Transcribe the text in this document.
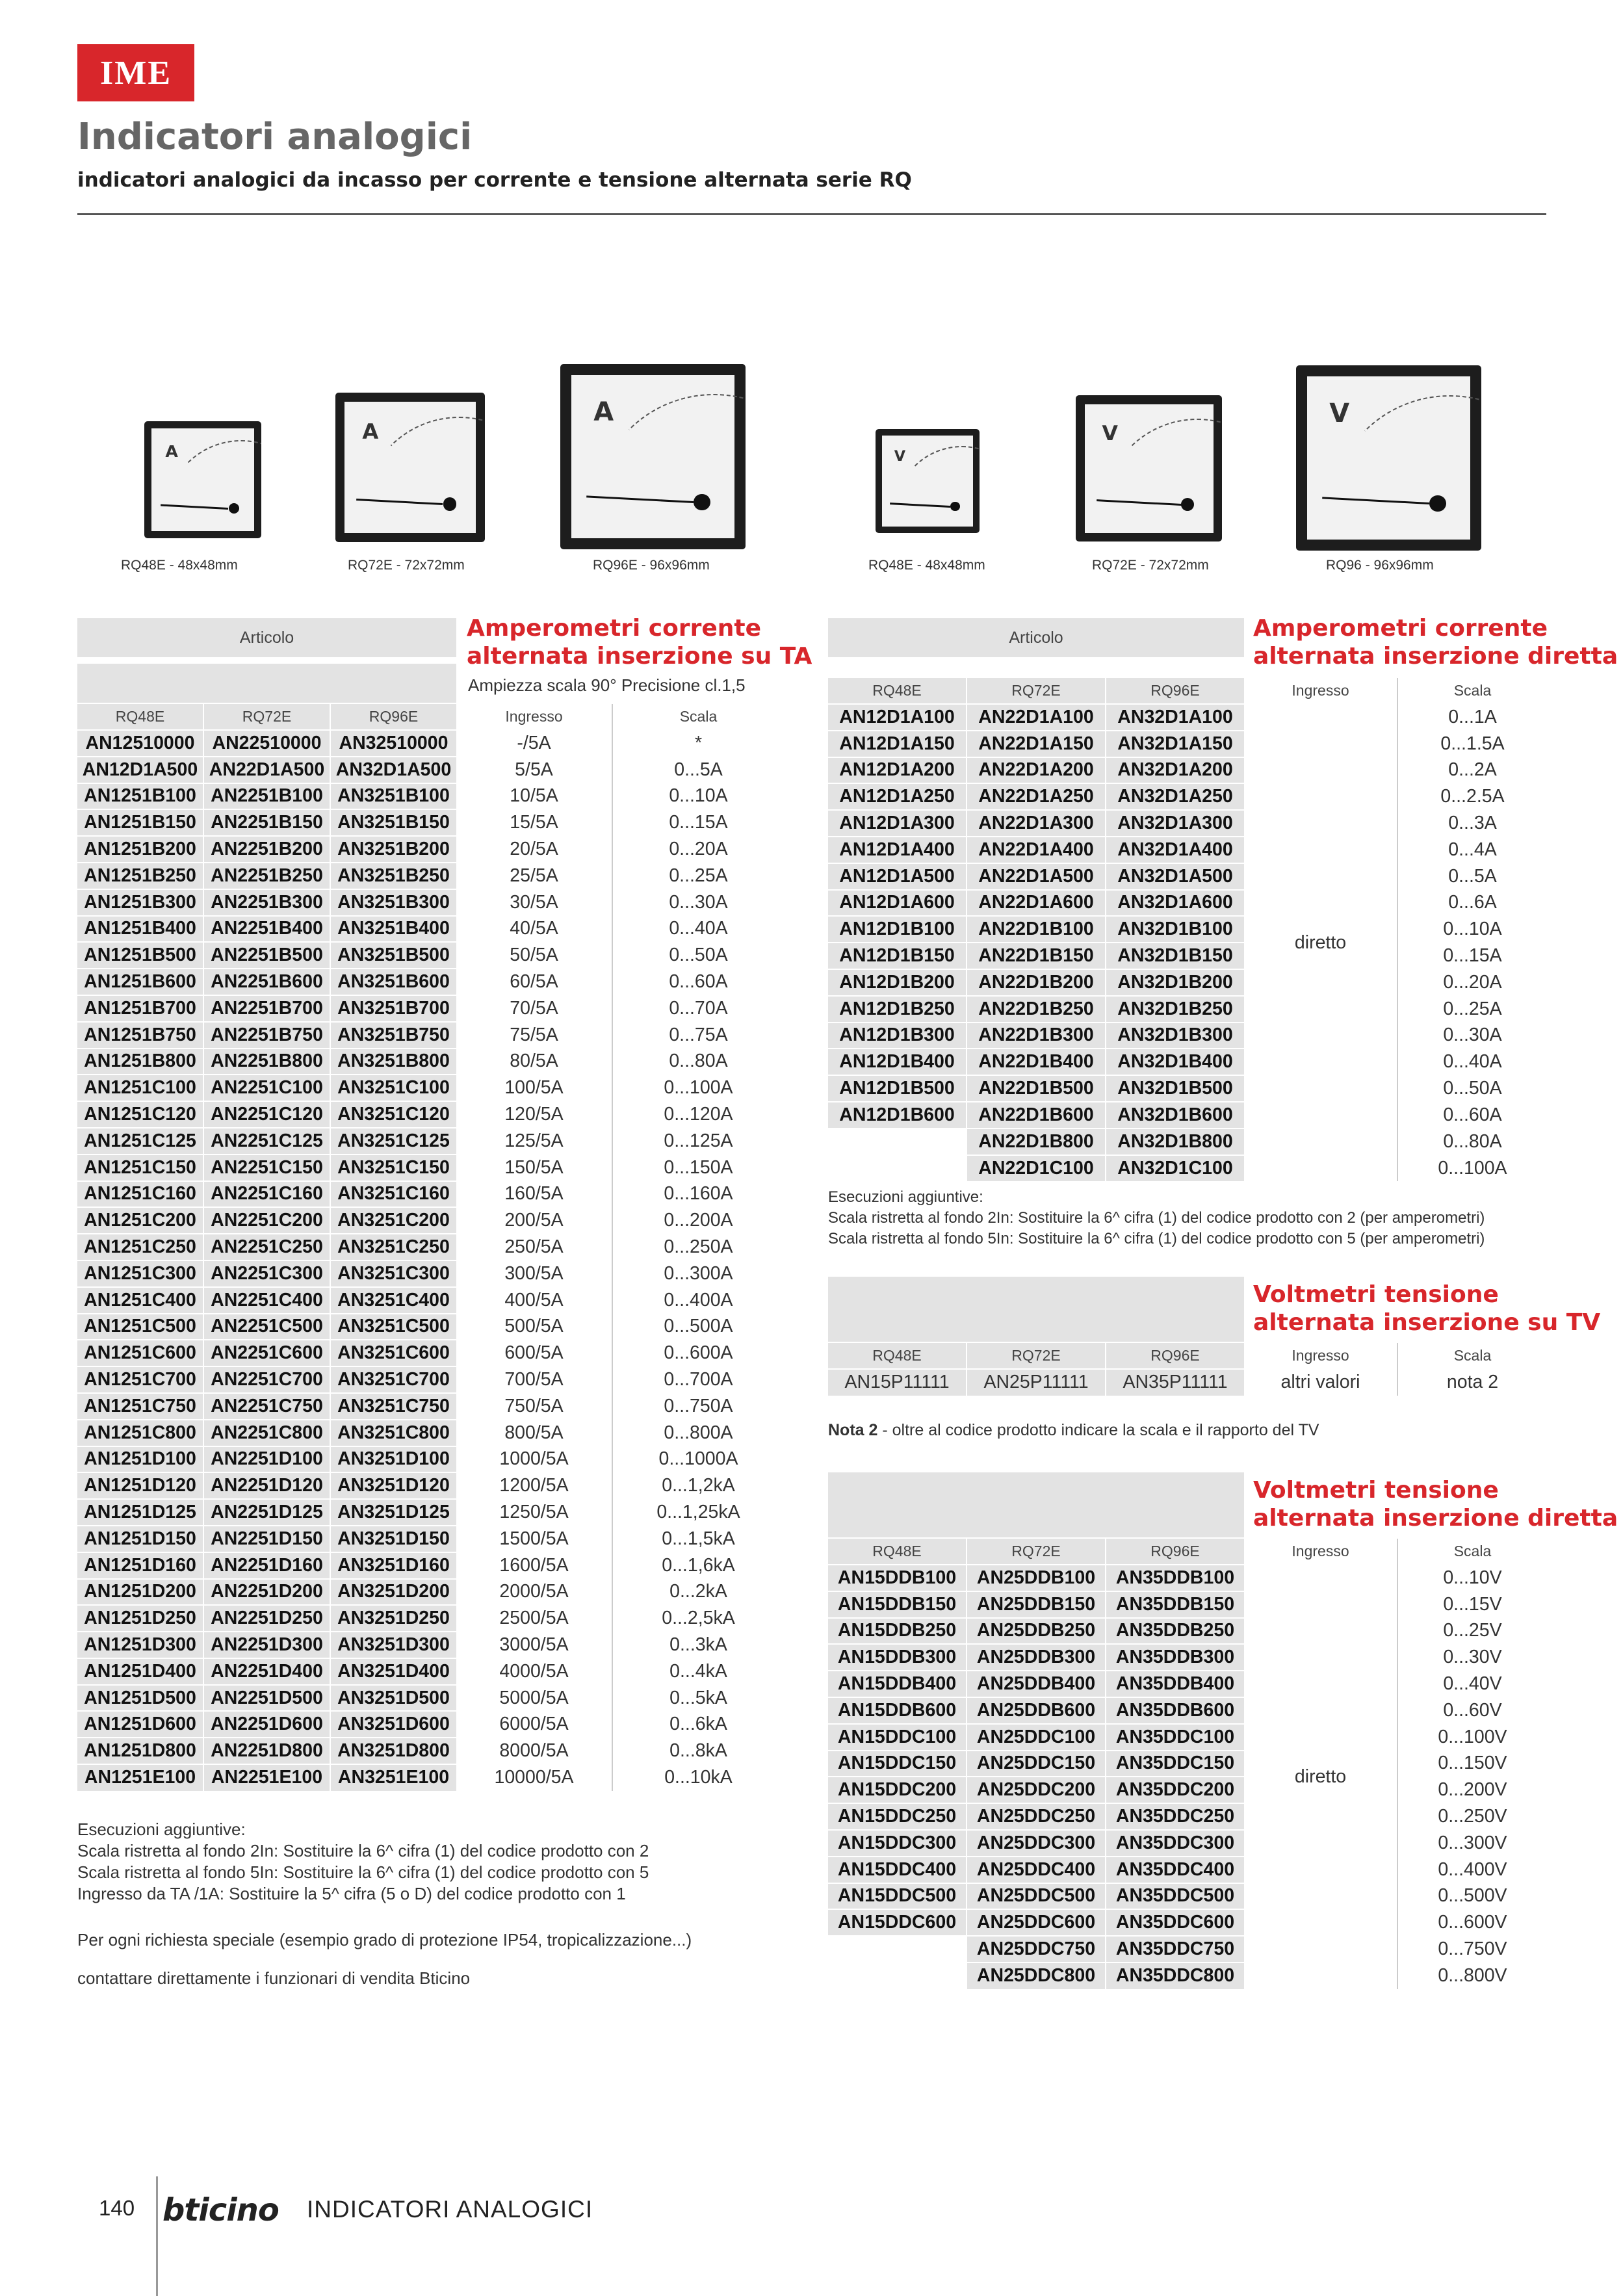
IME
Indicatori analogici
indicatori analogici da incasso per corrente e tensione alternata serie RQ
A
RQ48E - 48x48mm
A
RQ72E - 72x72mm
A
RQ96E - 96x96mm
V
RQ48E - 48x48mm
V
RQ72E - 72x72mm
V
RQ96 - 96x96mm
Articolo	Amperometri corrente
alternata inserzione su TA
Ampiezza scala 90° Precisione cl.1,5
RQ48E	RQ72E	RQ96E	Ingresso	Scala
AN12510000	AN22510000	AN32510000	-/5A	*
AN12D1A500	AN22D1A500	AN32D1A500	5/5A	0...5A
AN1251B100	AN2251B100	AN3251B100	10/5A	0...10A
AN1251B150	AN2251B150	AN3251B150	15/5A	0...15A
AN1251B200	AN2251B200	AN3251B200	20/5A	0...20A
AN1251B250	AN2251B250	AN3251B250	25/5A	0...25A
AN1251B300	AN2251B300	AN3251B300	30/5A	0...30A
AN1251B400	AN2251B400	AN3251B400	40/5A	0...40A
AN1251B500	AN2251B500	AN3251B500	50/5A	0...50A
AN1251B600	AN2251B600	AN3251B600	60/5A	0...60A
AN1251B700	AN2251B700	AN3251B700	70/5A	0...70A
AN1251B750	AN2251B750	AN3251B750	75/5A	0...75A
AN1251B800	AN2251B800	AN3251B800	80/5A	0...80A
AN1251C100	AN2251C100	AN3251C100	100/5A	0...100A
AN1251C120	AN2251C120	AN3251C120	120/5A	0...120A
AN1251C125	AN2251C125	AN3251C125	125/5A	0...125A
AN1251C150	AN2251C150	AN3251C150	150/5A	0...150A
AN1251C160	AN2251C160	AN3251C160	160/5A	0...160A
AN1251C200	AN2251C200	AN3251C200	200/5A	0...200A
AN1251C250	AN2251C250	AN3251C250	250/5A	0...250A
AN1251C300	AN2251C300	AN3251C300	300/5A	0...300A
AN1251C400	AN2251C400	AN3251C400	400/5A	0...400A
AN1251C500	AN2251C500	AN3251C500	500/5A	0...500A
AN1251C600	AN2251C600	AN3251C600	600/5A	0...600A
AN1251C700	AN2251C700	AN3251C700	700/5A	0...700A
AN1251C750	AN2251C750	AN3251C750	750/5A	0...750A
AN1251C800	AN2251C800	AN3251C800	800/5A	0...800A
AN1251D100	AN2251D100	AN3251D100	1000/5A	0...1000A
AN1251D120	AN2251D120	AN3251D120	1200/5A	0...1,2kA
AN1251D125	AN2251D125	AN3251D125	1250/5A	0...1,25kA
AN1251D150	AN2251D150	AN3251D150	1500/5A	0...1,5kA
AN1251D160	AN2251D160	AN3251D160	1600/5A	0...1,6kA
AN1251D200	AN2251D200	AN3251D200	2000/5A	0...2kA
AN1251D250	AN2251D250	AN3251D250	2500/5A	0...2,5kA
AN1251D300	AN2251D300	AN3251D300	3000/5A	0...3kA
AN1251D400	AN2251D400	AN3251D400	4000/5A	0...4kA
AN1251D500	AN2251D500	AN3251D500	5000/5A	0...5kA
AN1251D600	AN2251D600	AN3251D600	6000/5A	0...6kA
AN1251D800	AN2251D800	AN3251D800	8000/5A	0...8kA
AN1251E100	AN2251E100	AN3251E100	10000/5A	0...10kA
Esecuzioni aggiuntive:
Scala ristretta al fondo 2In: Sostituire la 6^ cifra (1) del codice prodotto con 2
Scala ristretta al fondo 5In: Sostituire la 6^ cifra (1) del codice prodotto con 5
Ingresso da TA /1A: Sostituire la 5^ cifra (5 o D) del codice prodotto con 1
Per ogni richiesta speciale (esempio grado di protezione IP54, tropicalizzazione...)
contattare direttamente i funzionari di vendita Bticino
Articolo	Amperometri corrente
alternata inserzione diretta
RQ48E	RQ72E	RQ96E	Ingresso	Scala
AN12D1A100	AN22D1A100	AN32D1A100	diretto	0...1A
AN12D1A150	AN22D1A150	AN32D1A150		0...1.5A
AN12D1A200	AN22D1A200	AN32D1A200		0...2A
AN12D1A250	AN22D1A250	AN32D1A250		0...2.5A
AN12D1A300	AN22D1A300	AN32D1A300		0...3A
AN12D1A400	AN22D1A400	AN32D1A400		0...4A
AN12D1A500	AN22D1A500	AN32D1A500		0...5A
AN12D1A600	AN22D1A600	AN32D1A600		0...6A
AN12D1B100	AN22D1B100	AN32D1B100		0...10A
AN12D1B150	AN22D1B150	AN32D1B150		0...15A
AN12D1B200	AN22D1B200	AN32D1B200		0...20A
AN12D1B250	AN22D1B250	AN32D1B250		0...25A
AN12D1B300	AN22D1B300	AN32D1B300		0...30A
AN12D1B400	AN22D1B400	AN32D1B400		0...40A
AN12D1B500	AN22D1B500	AN32D1B500		0...50A
AN12D1B600	AN22D1B600	AN32D1B600		0...60A
	AN22D1B800	AN32D1B800		0...80A
	AN22D1C100	AN32D1C100		0...100A
Esecuzioni aggiuntive:
Scala ristretta al fondo 2In: Sostituire la 6^ cifra (1) del codice prodotto con 2 (per amperometri)
Scala ristretta al fondo 5In: Sostituire la 6^ cifra (1) del codice prodotto con 5 (per amperometri)
Voltmetri tensione
alternata inserzione su TV
RQ48E	RQ72E	RQ96E	Ingresso	Scala
AN15P11111	AN25P11111	AN35P11111	altri valori	nota 2
Nota 2 - oltre al codice prodotto indicare la scala e il rapporto del TV
Voltmetri tensione
alternata inserzione diretta
RQ48E	RQ72E	RQ96E	Ingresso	Scala
AN15DDB100	AN25DDB100	AN35DDB100	diretto	0...10V
AN15DDB150	AN25DDB150	AN35DDB150		0...15V
AN15DDB250	AN25DDB250	AN35DDB250		0...25V
AN15DDB300	AN25DDB300	AN35DDB300		0...30V
AN15DDB400	AN25DDB400	AN35DDB400		0...40V
AN15DDB600	AN25DDB600	AN35DDB600		0...60V
AN15DDC100	AN25DDC100	AN35DDC100		0...100V
AN15DDC150	AN25DDC150	AN35DDC150		0...150V
AN15DDC200	AN25DDC200	AN35DDC200		0...200V
AN15DDC250	AN25DDC250	AN35DDC250		0...250V
AN15DDC300	AN25DDC300	AN35DDC300		0...300V
AN15DDC400	AN25DDC400	AN35DDC400		0...400V
AN15DDC500	AN25DDC500	AN35DDC500		0...500V
AN15DDC600	AN25DDC600	AN35DDC600		0...600V
	AN25DDC750	AN35DDC750		0...750V
	AN25DDC800	AN35DDC800		0...800V
140 bticino INDICATORI ANALOGICI
